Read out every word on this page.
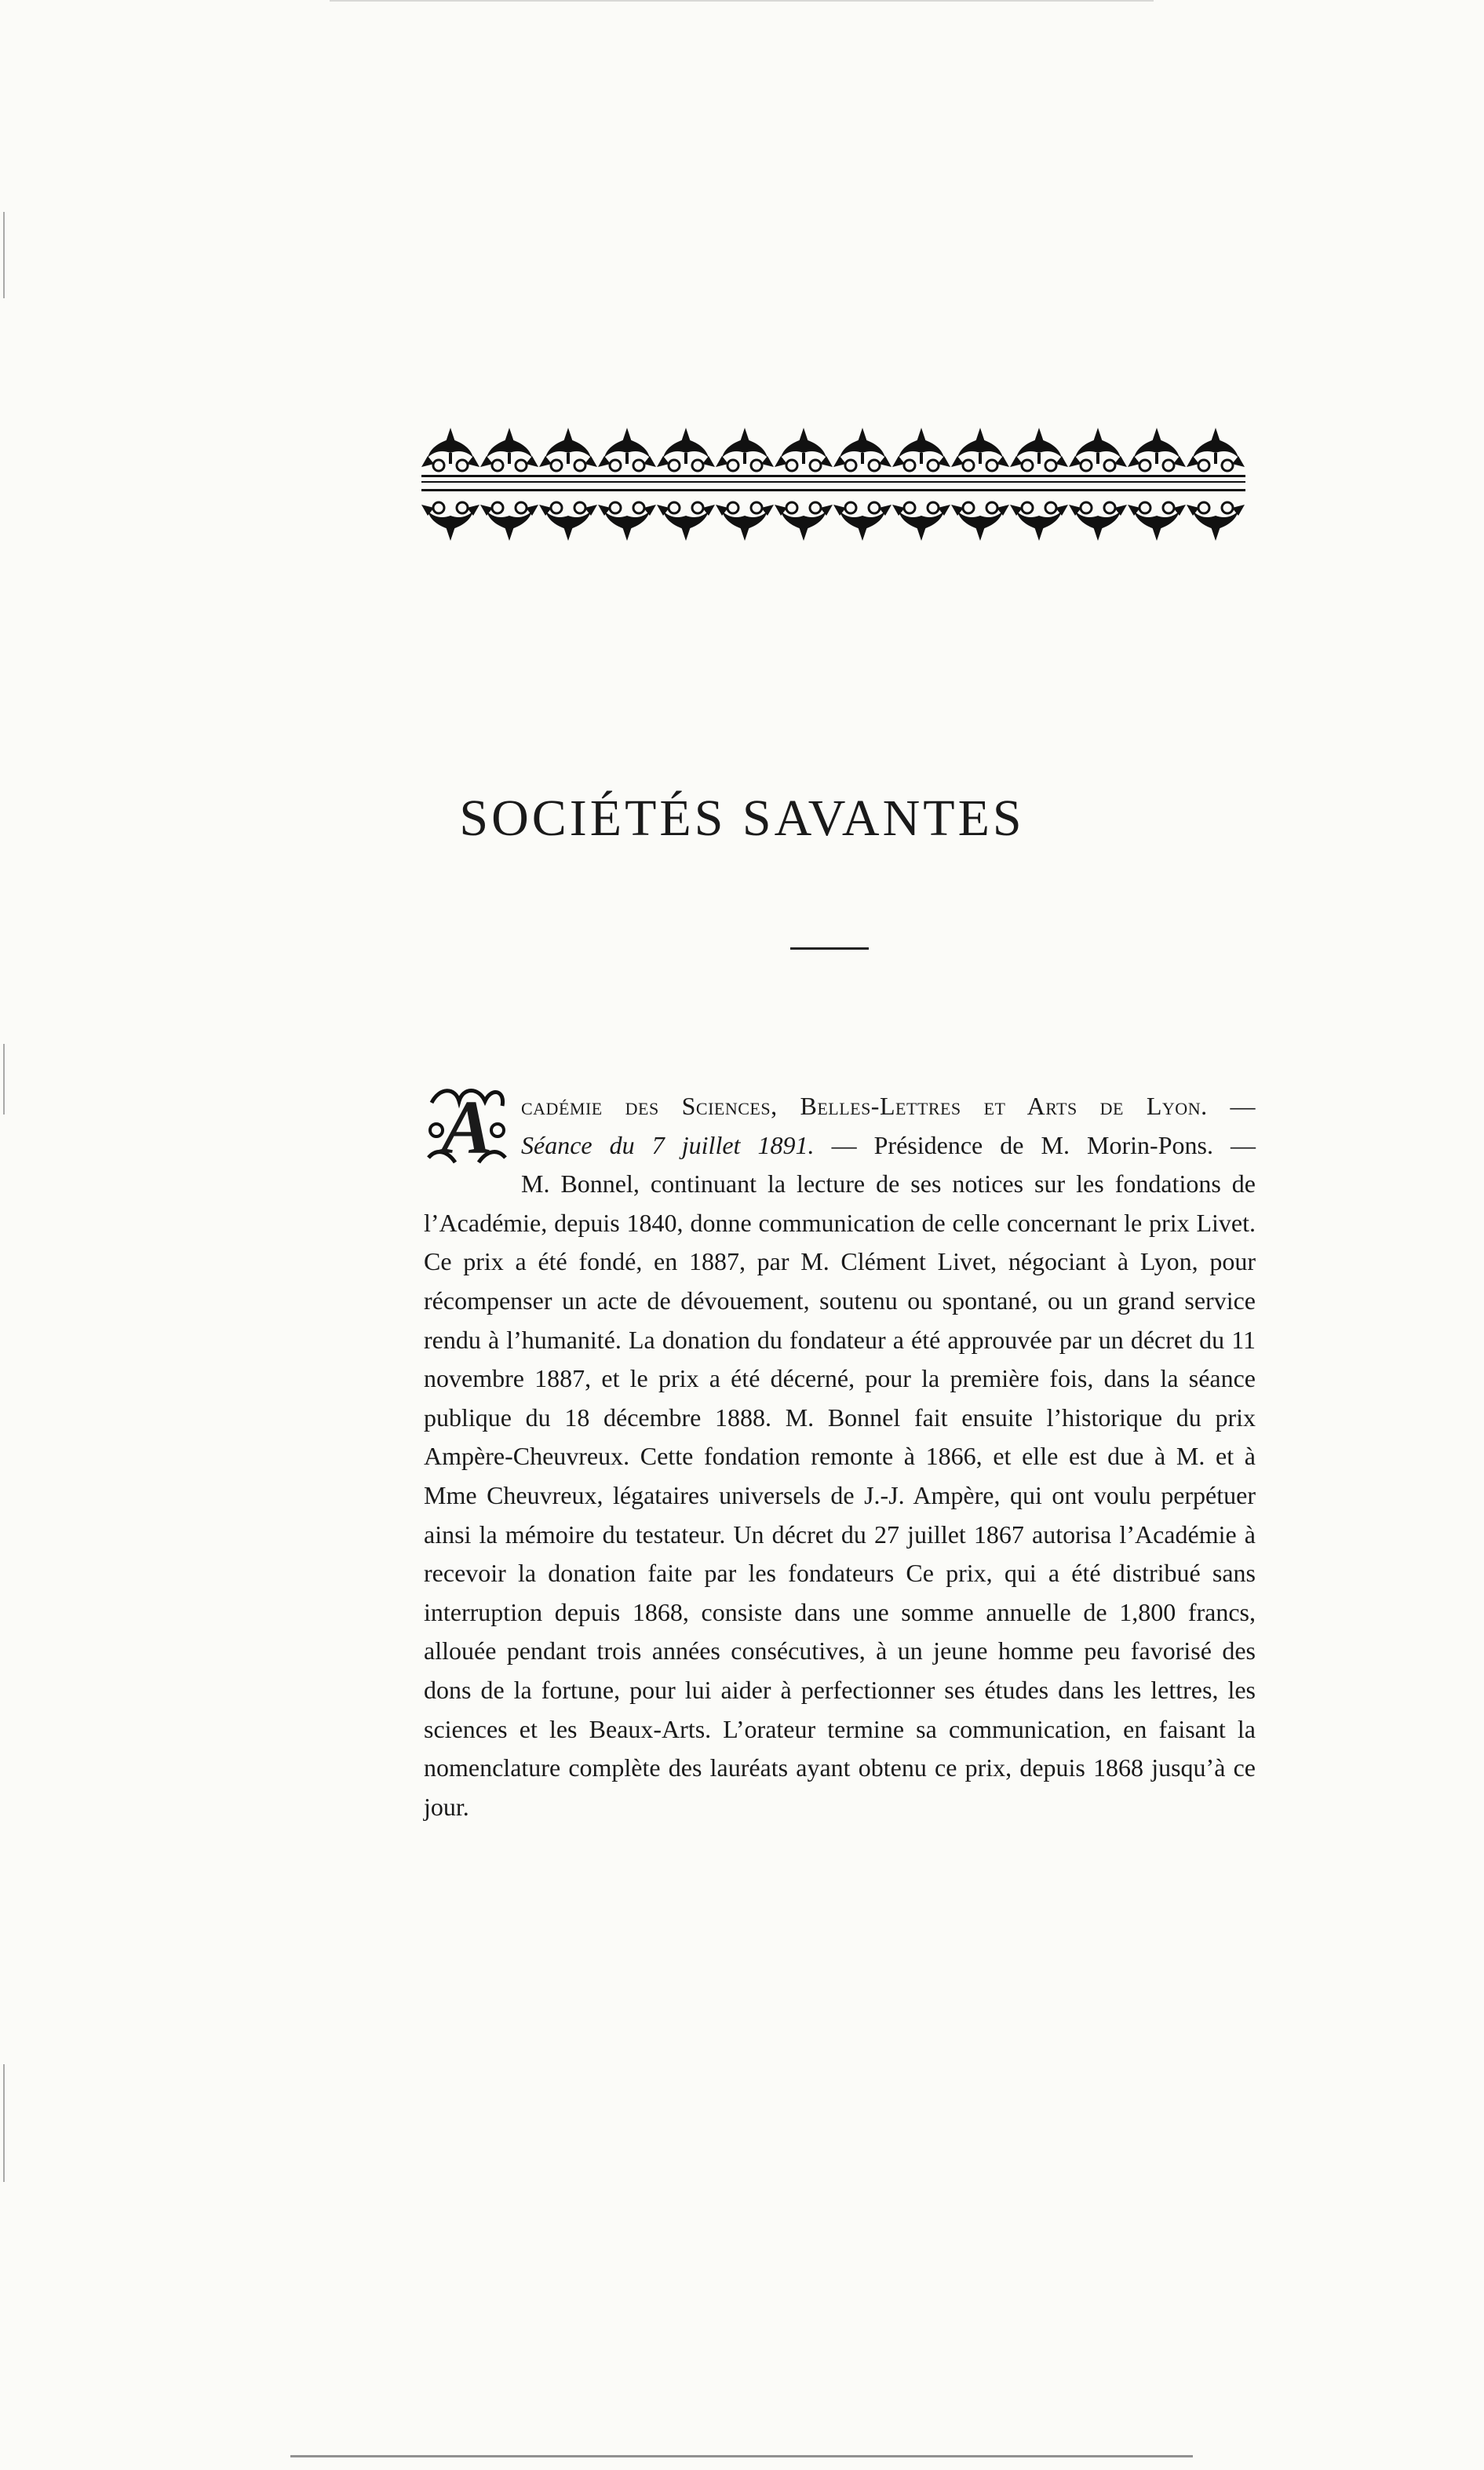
SOCIÉTÉS SAVANTES
A	cadémie des Sciences, Belles-Lettres et Arts de Lyon. —
Séance du 7 juillet 1891. — Présidence de M. Morin-Pons. —
M. Bonnel, continuant la lecture de ses notices sur les fondations de l’Académie, depuis 1840, donne communication de celle concernant le prix Livet. Ce prix a été fondé, en 1887, par M. Clément Livet, négociant à Lyon, pour récompenser un acte de dévouement, soutenu ou spontané, ou un grand service rendu à l’humanité. La donation du fondateur a été approuvée par un décret du 11 novembre 1887, et le prix a été décerné, pour la première fois, dans la séance publique du 18 décembre 1888. M. Bonnel fait ensuite l’historique du prix Ampère-Cheuvreux. Cette fondation remonte à 1866, et elle est due à M. et à Mme Cheuvreux, légataires universels de J.-J. Ampère, qui ont voulu perpétuer ainsi la mémoire du testateur. Un décret du 27 juillet 1867 autorisa l’Académie à recevoir la donation faite par les fondateurs Ce prix, qui a été distribué sans interruption depuis 1868, consiste dans une somme annuelle de 1,800 francs, allouée pendant trois années consécutives, à un jeune homme peu favorisé des dons de la fortune, pour lui aider à perfectionner ses études dans les lettres, les sciences et les Beaux-Arts. L’orateur termine sa communication, en faisant la nomenclature complète des lauréats ayant obtenu ce prix, depuis 1868 jusqu’à ce jour.
